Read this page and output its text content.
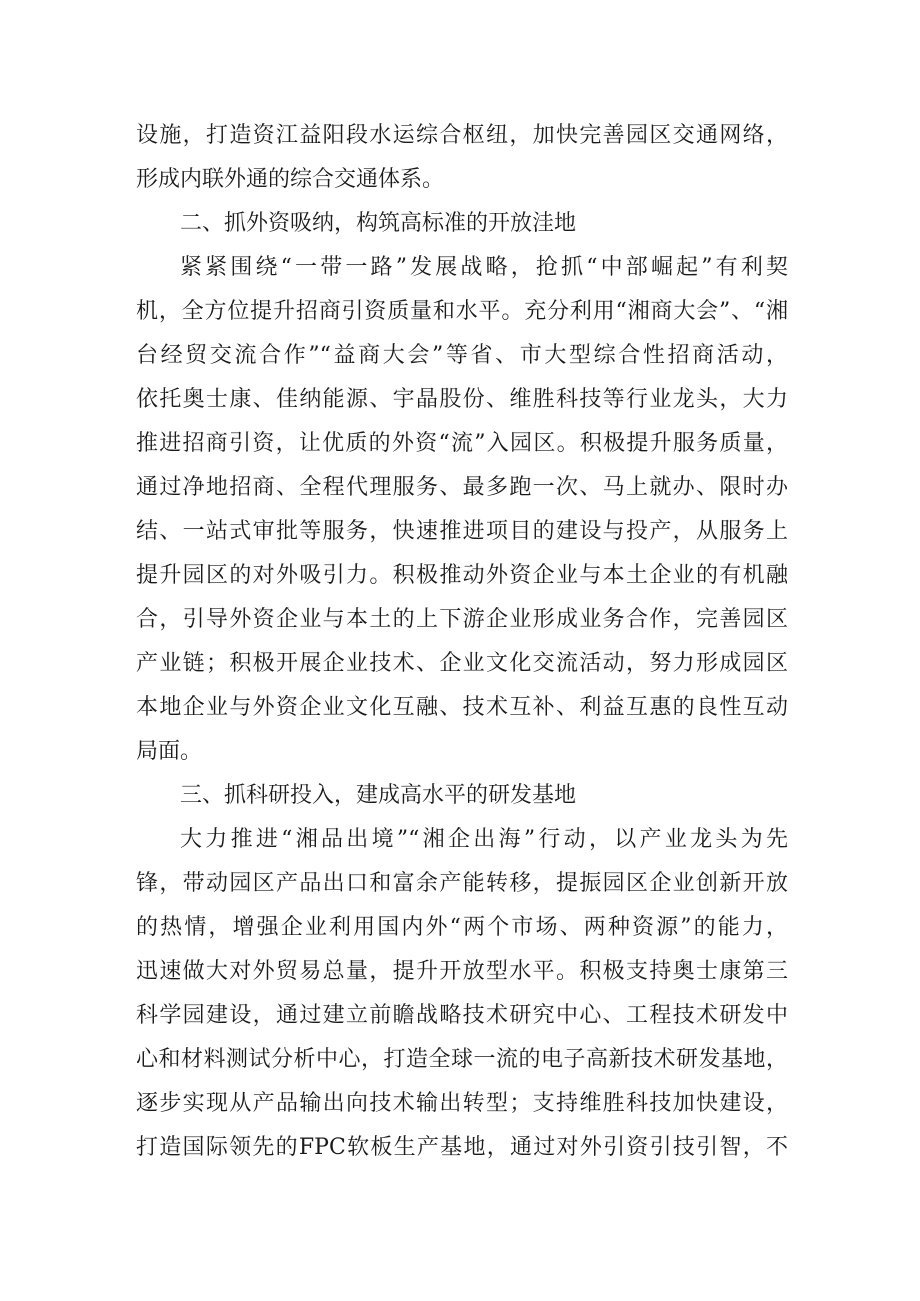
设施，打造资江益阳段水运综合枢纽，加快完善园区交通网络，
形成内联外通的综合交通体系。
二、抓外资吸纳，构筑高标准的开放洼地
紧紧围绕“一带一路”发展战略，抢抓“中部崛起”有利契
机，全方位提升招商引资质量和水平。充分利用“湘商大会”、“湘
台经贸交流合作”“益商大会”等省、市大型综合性招商活动，
依托奥士康、佳纳能源、宇晶股份、维胜科技等行业龙头，大力
推进招商引资，让优质的外资“流”入园区。积极提升服务质量，
通过净地招商、全程代理服务、最多跑一次、马上就办、限时办
结、一站式审批等服务，快速推进项目的建设与投产，从服务上
提升园区的对外吸引力。积极推动外资企业与本土企业的有机融
合，引导外资企业与本土的上下游企业形成业务合作，完善园区
产业链；积极开展企业技术、企业文化交流活动，努力形成园区
本地企业与外资企业文化互融、技术互补、利益互惠的良性互动
局面。
三、抓科研投入，建成高水平的研发基地
大力推进“湘品出境”“湘企出海”行动，以产业龙头为先
锋，带动园区产品出口和富余产能转移，提振园区企业创新开放
的热情，增强企业利用国内外“两个市场、两种资源”的能力，
迅速做大对外贸易总量，提升开放型水平。积极支持奥士康第三
科学园建设，通过建立前瞻战略技术研究中心、工程技术研发中
心和材料测试分析中心，打造全球一流的电子高新技术研发基地，
逐步实现从产品输出向技术输出转型；支持维胜科技加快建设，
打造国际领先的FPC软板生产基地，通过对外引资引技引智，不
